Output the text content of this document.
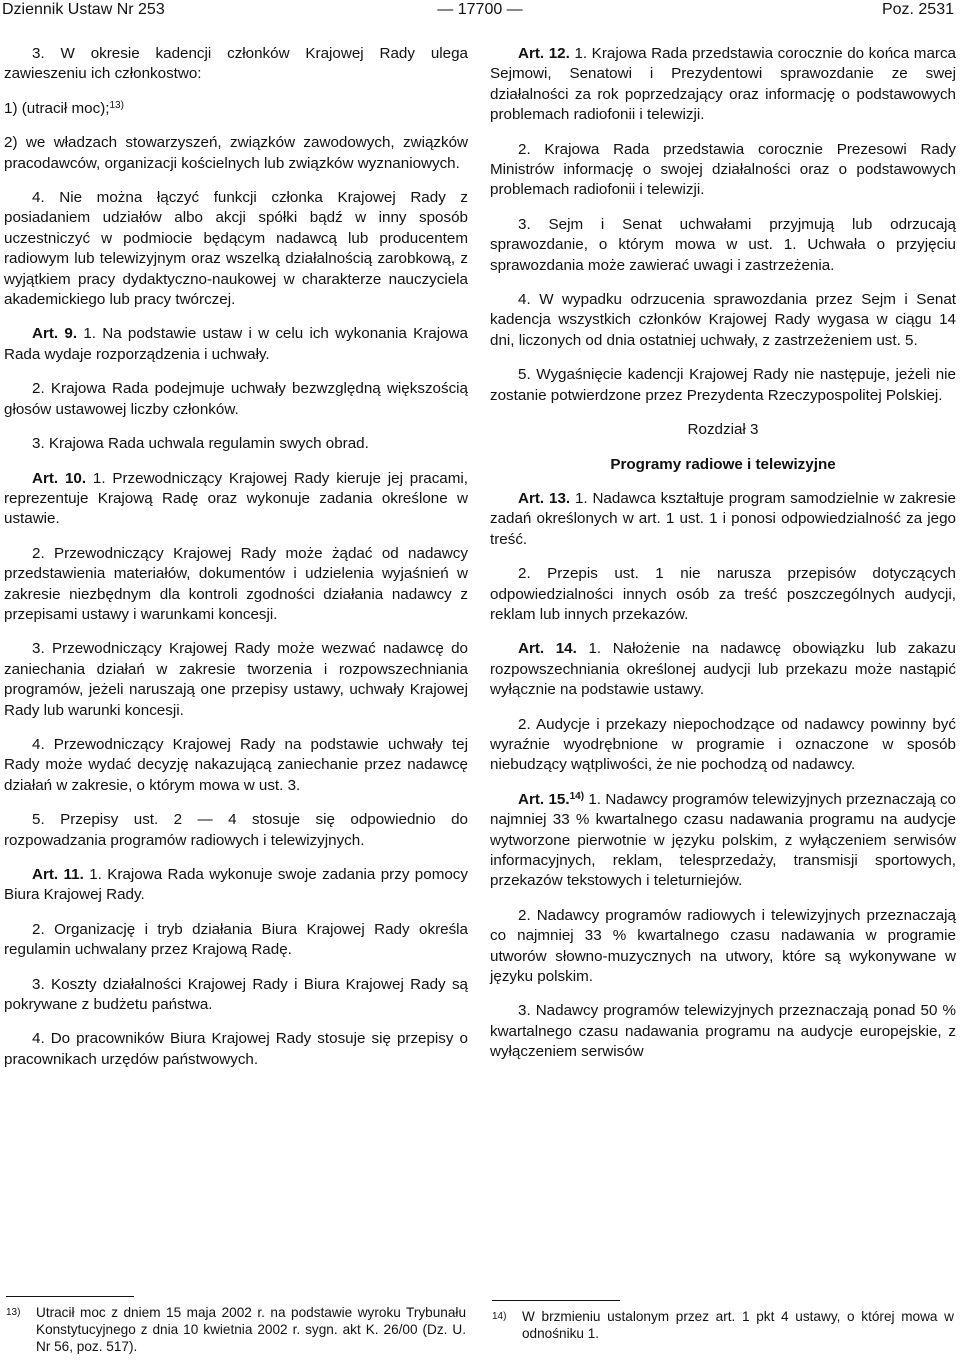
Dziennik Ustaw Nr 253	— 17700 —	Poz. 2531

3. W okresie kadencji członków Krajowej Rady ulega zawieszeniu ich członkostwo:

1) (utracił moc);$^{13)}$

2) we władzach stowarzyszeń, związków zawodowych, związków pracodawców, organizacji kościelnych lub związków wyznaniowych.

4. Nie można łączyć funkcji członka Krajowej Rady z posiadaniem udziałów albo akcji spółki bądź w inny sposób uczestniczyć w podmiocie będącym nadawcą lub producentem radiowym lub telewizyjnym oraz wszelką działalnością zarobkową, z wyjątkiem pracy dydaktyczno-naukowej w charakterze nauczyciela akademickiego lub pracy twórczej.

Art. 9. 1. Na podstawie ustaw i w celu ich wykonania Krajowa Rada wydaje rozporządzenia i uchwały.

2. Krajowa Rada podejmuje uchwały bezwzględną większością głosów ustawowej liczby członków.

3. Krajowa Rada uchwala regulamin swych obrad.

Art. 10. 1. Przewodniczący Krajowej Rady kieruje jej pracami, reprezentuje Krajową Radę oraz wykonuje zadania określone w ustawie.

2. Przewodniczący Krajowej Rady może żądać od nadawcy przedstawienia materiałów, dokumentów i udzielenia wyjaśnień w zakresie niezbędnym dla kontroli zgodności działania nadawcy z przepisami ustawy i warunkami koncesji.

3. Przewodniczący Krajowej Rady może wezwać nadawcę do zaniechania działań w zakresie tworzenia i rozpowszechniania programów, jeżeli naruszają one przepisy ustawy, uchwały Krajowej Rady lub warunki koncesji.

4. Przewodniczący Krajowej Rady na podstawie uchwały tej Rady może wydać decyzję nakazującą zaniechanie przez nadawcę działań w zakresie, o którym mowa w ust. 3.

5. Przepisy ust. 2 — 4 stosuje się odpowiednio do rozpowadzania programów radiowych i telewizyjnych.

Art. 11. 1. Krajowa Rada wykonuje swoje zadania przy pomocy Biura Krajowej Rady.

2. Organizację i tryb działania Biura Krajowej Rady określa regulamin uchwalany przez Krajową Radę.

3. Koszty działalności Krajowej Rady i Biura Krajowej Rady są pokrywane z budżetu państwa.

4. Do pracowników Biura Krajowej Rady stosuje się przepisy o pracownikach urzędów państwowych.

Art. 12. 1. Krajowa Rada przedstawia corocznie do końca marca Sejmowi, Senatowi i Prezydentowi sprawozdanie ze swej działalności za rok poprzedzający oraz informację o podstawowych problemach radiofonii i telewizji.

2. Krajowa Rada przedstawia corocznie Prezesowi Rady Ministrów informację o swojej działalności oraz o podstawowych problemach radiofonii i telewizji.

3. Sejm i Senat uchwałami przyjmują lub odrzucają sprawozdanie, o którym mowa w ust. 1. Uchwała o przyjęciu sprawozdania może zawierać uwagi i zastrzeżenia.

4. W wypadku odrzucenia sprawozdania przez Sejm i Senat kadencja wszystkich członków Krajowej Rady wygasa w ciągu 14 dni, liczonych od dnia ostatniej uchwały, z zastrzeżeniem ust. 5.

5. Wygaśnięcie kadencji Krajowej Rady nie następuje, jeżeli nie zostanie potwierdzone przez Prezydenta Rzeczypospolitej Polskiej.

Rozdział 3

Programy radiowe i telewizyjne

Art. 13. 1. Nadawca kształtuje program samodzielnie w zakresie zadań określonych w art. 1 ust. 1 i ponosi odpowiedzialność za jego treść.

2. Przepis ust. 1 nie narusza przepisów dotyczących odpowiedzialności innych osób za treść poszczególnych audycji, reklam lub innych przekazów.

Art. 14. 1. Nałożenie na nadawcę obowiązku lub zakazu rozpowszechniania określonej audycji lub przekazu może nastąpić wyłącznie na podstawie ustawy.

2. Audycje i przekazy niepochodzące od nadawcy powinny być wyraźnie wyodrębnione w programie i oznaczone w sposób niebudzący wątpliwości, że nie pochodzą od nadawcy.

Art. 15.$^{14)}$ 1. Nadawcy programów telewizyjnych przeznaczają co najmniej 33 % kwartalnego czasu nadawania programu na audycje wytworzone pierwotnie w języku polskim, z wyłączeniem serwisów informacyjnych, reklam, telesprzedaży, transmisji sportowych, przekazów tekstowych i teleturniejów.

2. Nadawcy programów radiowych i telewizyjnych przeznaczają co najmniej 33 % kwartalnego czasu nadawania w programie utworów słowno-muzycznych na utwory, które są wykonywane w języku polskim.

3. Nadawcy programów telewizyjnych przeznaczają ponad 50 % kwartalnego czasu nadawania programu na audycje europejskie, z wyłączeniem serwisów

13) Utracił moc z dniem 15 maja 2002 r. na podstawie wyroku Trybunału Konstytucyjnego z dnia 10 kwietnia 2002 r. sygn. akt K. 26/00 (Dz. U. Nr 56, poz. 517).
14) W brzmieniu ustalonym przez art. 1 pkt 4 ustawy, o której mowa w odnośniku 1.
